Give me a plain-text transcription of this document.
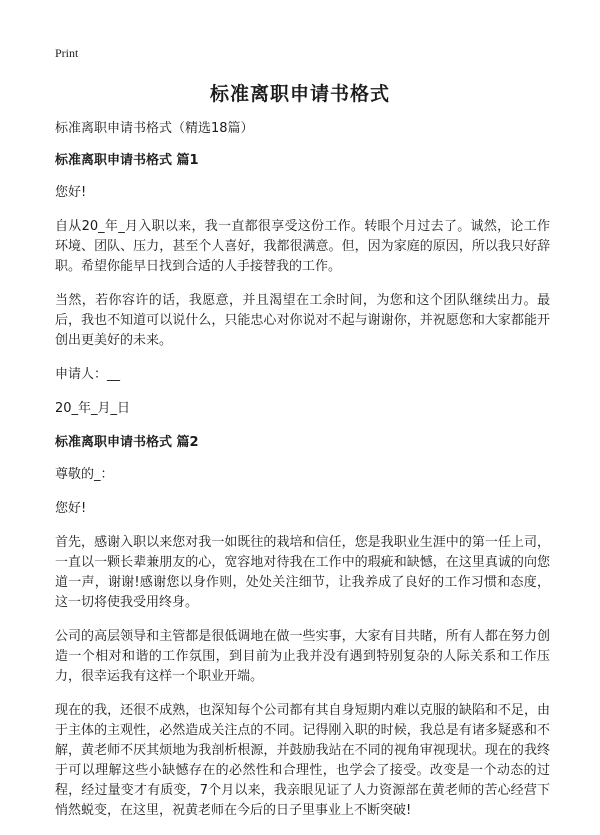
Print
标准离职申请书格式

标准离职申请书格式（精选18篇）

标准离职申请书格式 篇1

您好!

自从20_年_月入职以来，我一直都很享受这份工作。转眼个月过去了。诚然，论工作环境、团队、压力，甚至个人喜好，我都很满意。但，因为家庭的原因，所以我只好辞职。希望你能早日找到合适的人手接替我的工作。

当然，若你容许的话，我愿意，并且渴望在工余时间，为您和这个团队继续出力。最后，我也不知道可以说什么，只能忠心对你说对不起与谢谢你，并祝愿您和大家都能开创出更美好的未来。

申请人：__

20_年_月_日

标准离职申请书格式 篇2

尊敬的_：

您好!

首先，感谢入职以来您对我一如既往的栽培和信任，您是我职业生涯中的第一任上司，一直以一颗长辈兼朋友的心，宽容地对待我在工作中的瑕疵和缺憾，在这里真诚的向您道一声，谢谢!感谢您以身作则，处处关注细节，让我养成了良好的工作习惯和态度，这一切将使我受用终身。

公司的高层领导和主管都是很低调地在做一些实事，大家有目共睹，所有人都在努力创造一个相对和谐的工作氛围，到目前为止我并没有遇到特别复杂的人际关系和工作压力，很幸运我有这样一个职业开端。

现在的我，还很不成熟，也深知每个公司都有其自身短期内难以克服的缺陷和不足，由于主体的主观性，必然造成关注点的不同。记得刚入职的时候，我总是有诸多疑惑和不解，黄老师不厌其烦地为我剖析根源，并鼓励我站在不同的视角审视现状。现在的我终于可以理解这些小缺憾存在的必然性和合理性，也学会了接受。改变是一个动态的过程，经过量变才有质变，7个月以来，我亲眼见证了人力资源部在黄老师的苦心经营下悄然蜕变，在这里，祝黄老师在今后的日子里事业上不断突破!
